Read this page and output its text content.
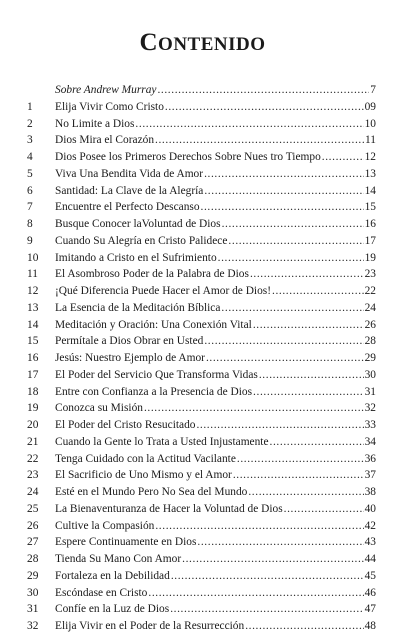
CONTENIDO
Sobre Andrew Murray .....	7
1	Elija Vivir Como Cristo .....	09
2	No Limite a Dios .....	10
3	Dios Mira el Corazón .....	11
4	Dios Posee los Primeros Derechos Sobre Nues tro Tiempo .....	12
5	Viva Una Bendita Vida de Amor .....	13
6	Santidad: La Clave de la Alegría .....	14
7	Encuentre el Perfecto Descanso .....	15
8	Busque Conocer laVoluntad de Dios .....	16
9	Cuando Su Alegría en Cristo Palidece .....	17
10	Imitando a Cristo en el Sufrimiento .....	19
11	El Asombroso Poder de la Palabra de Dios .....	23
12	¡Qué Diferencia Puede Hacer el Amor de Dios! .....	22
13	La Esencia de la Meditación Bíblica .....	24
14	Meditación y Oración: Una Conexión Vital .....	26
15	Permítale a Dios Obrar en Usted .....	28
16	Jesús: Nuestro Ejemplo de Amor .....	29
17	El Poder del Servicio Que Transforma Vidas .....	30
18	Entre con Confianza a la Presencia de Dios .....	31
19	Conozca su Misión .....	32
20	El Poder del Cristo Resucitado .....	33
21	Cuando la Gente lo Trata a Usted Injustamente .....	34
22	Tenga Cuidado con la Actitud Vacilante .....	36
23	El Sacrificio de Uno Mismo y el Amor .....	37
24	Esté en el Mundo Pero No Sea del Mundo .....	38
25	La Bienaventuranza de Hacer la Voluntad de Dios .....	40
26	Cultive la Compasión .....	42
27	Espere Continuamente en Dios .....	43
28	Tienda Su Mano Con Amor .....	44
29	Fortaleza en la Debilidad .....	45
30	Escóndase en Cristo .....	46
31	Confíe en la Luz de Dios .....	47
32	Elija Vivir en el Poder de la Resurrección .....	48
